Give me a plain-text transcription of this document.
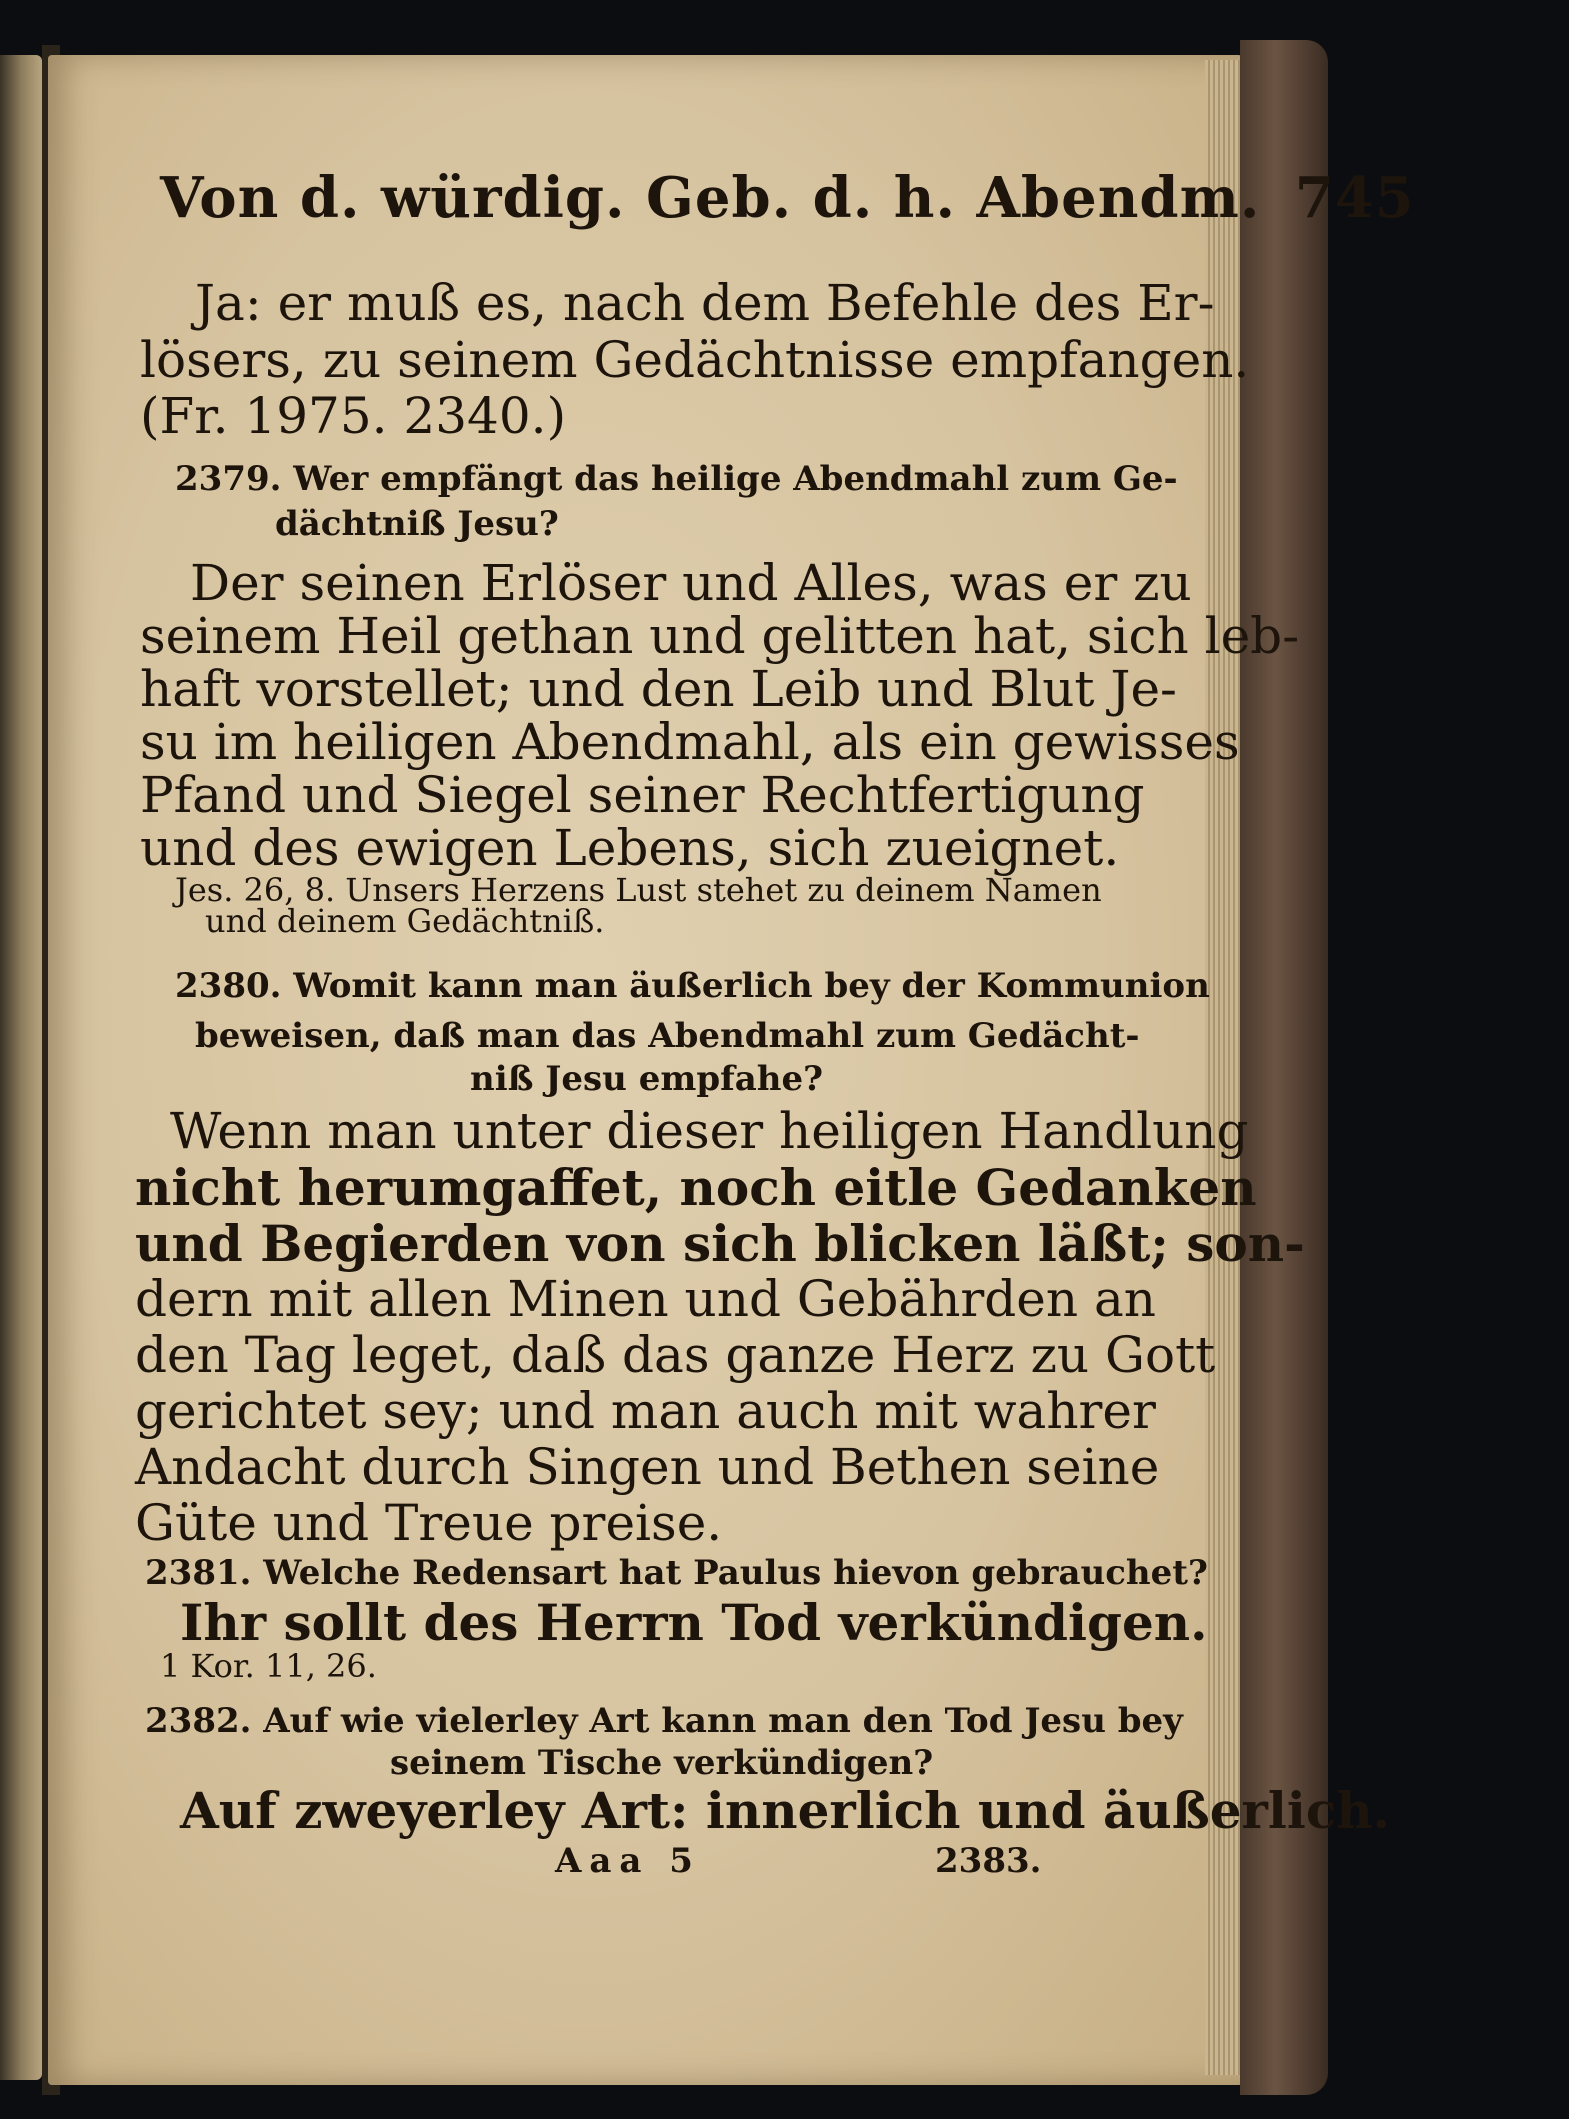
Von d. würdig. Geb. d. h. Abendm. 745
Ja: er muß es, nach dem Befehle des Er-
lösers, zu seinem Gedächtnisse empfangen.
(Fr. 1975. 2340.)
2379. Wer empfängt das heilige Abendmahl zum Ge-
dächtniß Jesu?
Der seinen Erlöser und Alles, was er zu
seinem Heil gethan und gelitten hat, sich leb-
haft vorstellet; und den Leib und Blut Je-
su im heiligen Abendmahl, als ein gewisses
Pfand und Siegel seiner Rechtfertigung
und des ewigen Lebens, sich zueignet.
Jes. 26, 8. Unsers Herzens Lust stehet zu deinem Namen
und deinem Gedächtniß.
2380. Womit kann man äußerlich bey der Kommunion
beweisen, daß man das Abendmahl zum Gedächt-
niß Jesu empfahe?
Wenn man unter dieser heiligen Handlung
nicht herumgaffet, noch eitle Gedanken
und Begierden von sich blicken läßt; son-
dern mit allen Minen und Gebährden an
den Tag leget, daß das ganze Herz zu Gott
gerichtet sey; und man auch mit wahrer
Andacht durch Singen und Bethen seine
Güte und Treue preise.
2381. Welche Redensart hat Paulus hievon gebrauchet?
Ihr sollt des Herrn Tod verkündigen.
1 Kor. 11, 26.
2382. Auf wie vielerley Art kann man den Tod Jesu bey
seinem Tische verkündigen?
Auf zweyerley Art: innerlich und äußerlich.
Aaa 5	2383.
